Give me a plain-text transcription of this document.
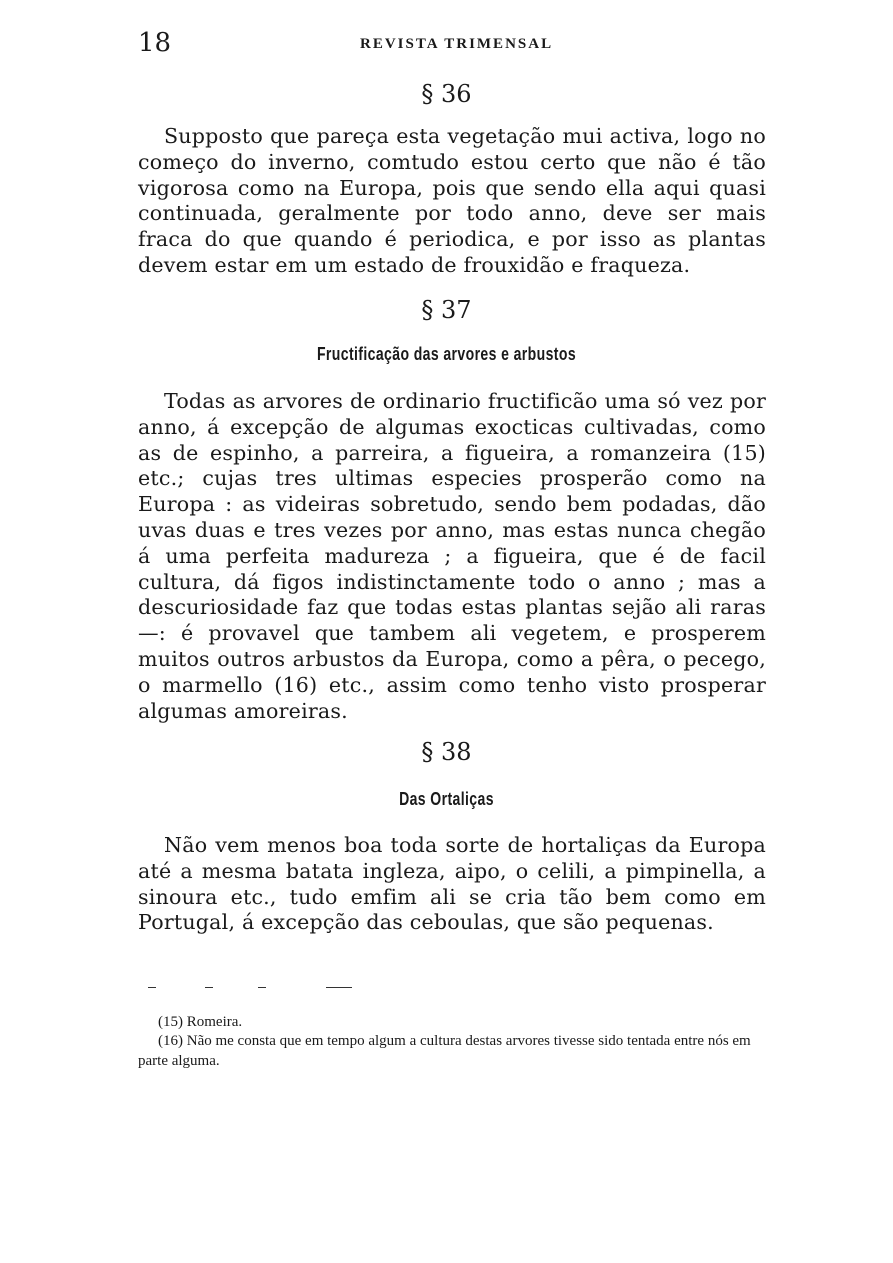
18	REVISTA TRIMENSAL
§ 36

Supposto que pareça esta vegetação mui activa, logo no começo do inverno, comtudo estou certo que não é tão vigorosa como na Europa, pois que sendo ella aqui quasi continuada, geralmente por todo anno, deve ser mais fraca do que quando é periodica, e por isso as plantas devem estar em um estado de frouxidão e fraqueza.

§ 37
Fructificação das arvores e arbustos

Todas as arvores de ordinario fructificão uma só vez por anno, á excepção de algumas exocticas cultivadas, como as de espinho, a parreira, a figueira, a romanzeira (15) etc.; cujas tres ultimas especies prosperão como na Europa : as videiras sobretudo, sendo bem podadas, dão uvas duas e tres vezes por anno, mas estas nunca chegão á uma perfeita madureza ; a figueira, que é de facil cultura, dá figos indistinctamente todo o anno ; mas a descuriosidade faz que todas estas plantas sejão ali raras—: é provavel que tambem ali vegetem, e prosperem muitos outros arbustos da Europa, como a pêra, o pecego, o marmello (16) etc., assim como tenho visto prosperar algumas amoreiras.

§ 38
Das Ortaliças

Não vem menos boa toda sorte de hortaliças da Europa até a mesma batata ingleza, aipo, o celili, a pimpinella, a sinoura etc., tudo emfim ali se cria tão bem como em Portugal, á excepção das ceboulas, que são pequenas.

(15) Romeira.

(16) Não me consta que em tempo algum a cultura destas arvores tivesse sido tentada entre nós em parte alguma.
